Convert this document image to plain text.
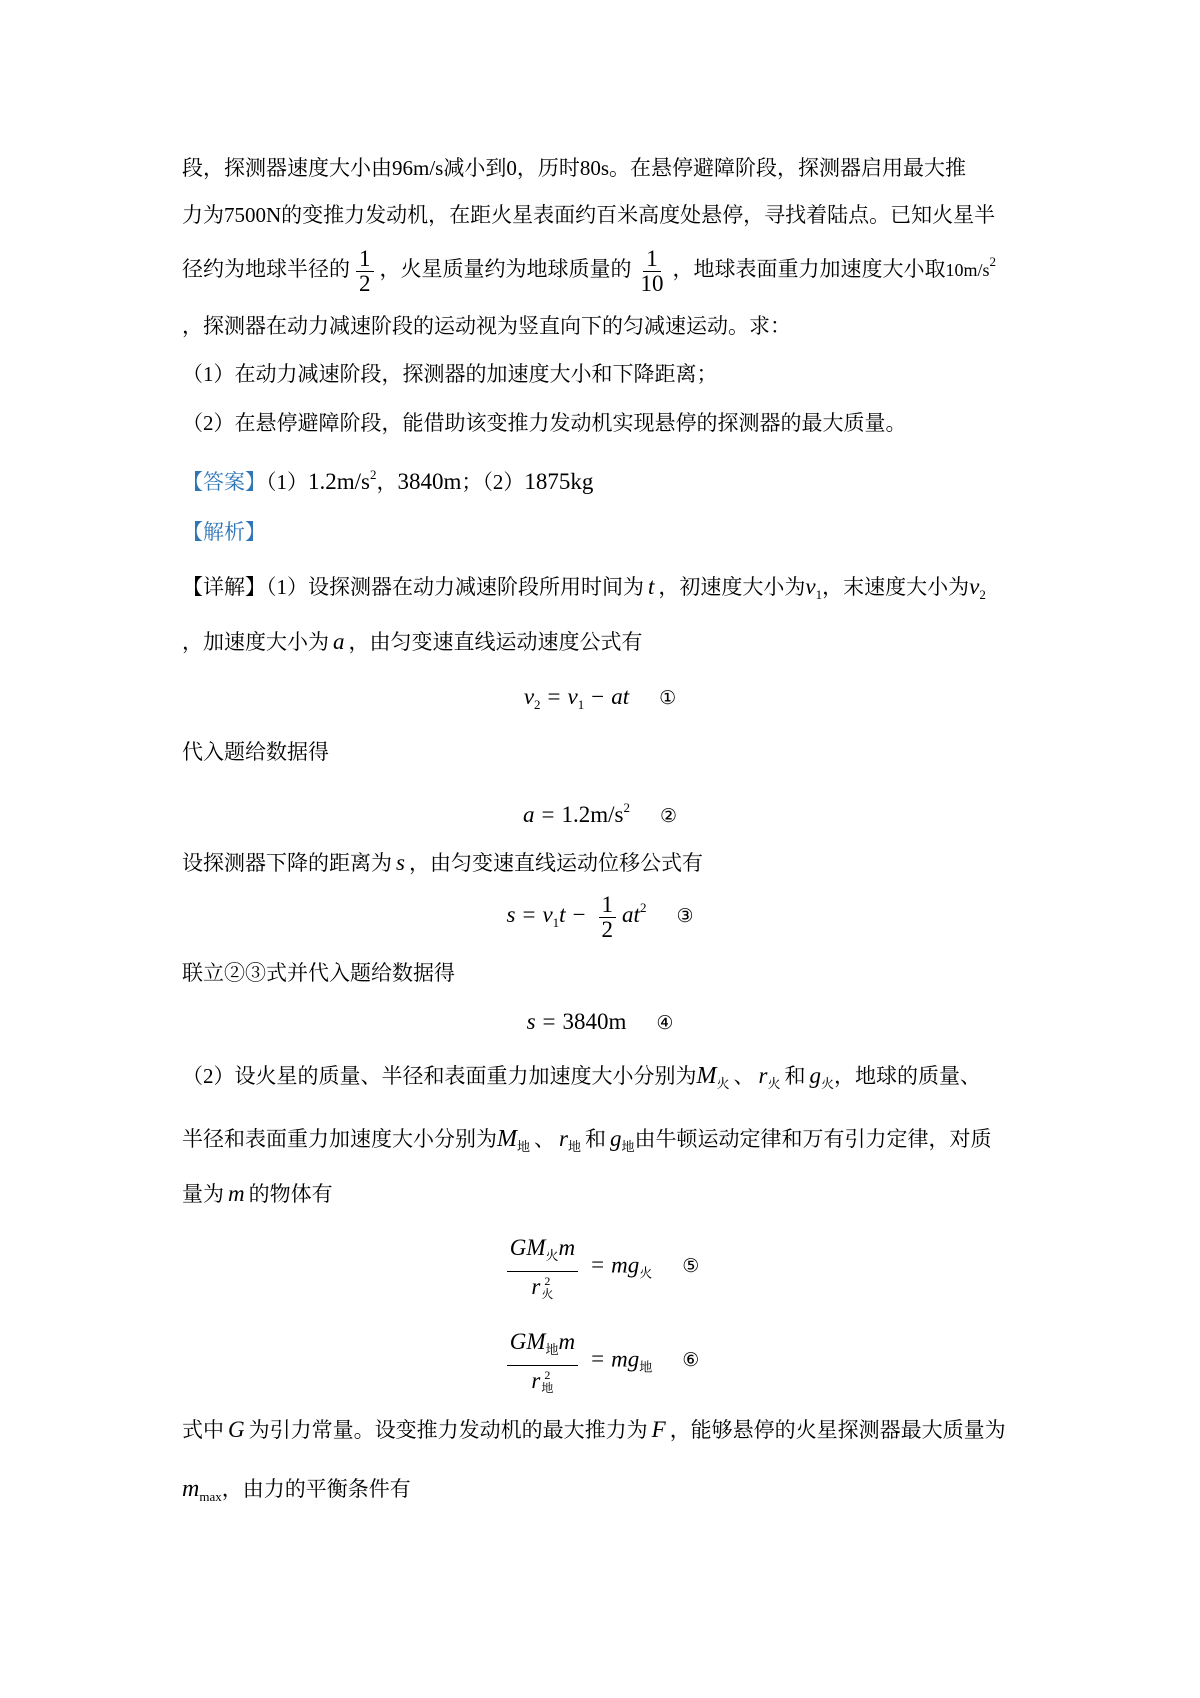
段，探测器速度大小由96m/s减小到0，历时80s。在悬停避障阶段，探测器启用最大推
力为7500N的变推力发动机，在距火星表面约百米高度处悬停，寻找着陆点。已知火星半
径约为地球半径的 $\frac{1}{2}$ ，火星质量约为地球质量的 $\frac{1}{10}$ ，地球表面重力加速度大小取$10m/s^2$
，探测器在动力减速阶段的运动视为竖直向下的匀减速运动。求：
（1）在动力减速阶段，探测器的加速度大小和下降距离；
（2）在悬停避障阶段，能借助该变推力发动机实现悬停的探测器的最大质量。
【答案】$(1)1.2m/s^2$，3840m；（2）1875kg
【解析】
【详解】（1）设探测器在动力减速阶段所用时间为 t ，初速度大小为$v_1$，末速度大小为$v_2$
，加速度大小为 a ，由匀变速直线运动速度公式有
$v_2 = v_1$ − at ①
代入题给数据得
$a = 1.2m/s^2$ ②
设探测器下降的距离为 s ，由匀变速直线运动位移公式有
$s = v_1t - \frac{1}{2} at^2$ ③
联立②③式并代入题给数据得
s = 3840m ④
（2）设火星的质量、半径和表面重力加速度大小分别为$M_火$ 、 $r_火$ 和 $g_火$，地球的质量、
半径和表面重力加速度大小分别为$M_地$ 、 $r_地$ 和 $g_地$由牛顿运动定律和万有引力定律，对质
量为 m 的物体有
$GM_火m$
r 2
火 = $mg_火$ ⑤
$GM_地m$
r 2
地 = $mg_地$ ⑥
式中 G 为引力常量。设变推力发动机的最大推力为 F ，能够悬停的火星探测器最大质量为
$m_{max}$，由力的平衡条件有
